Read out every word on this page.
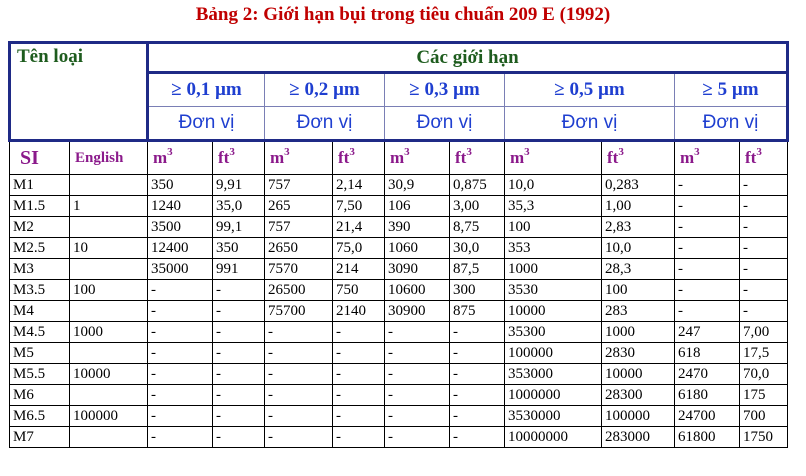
Bảng 2: Giới hạn bụi trong tiêu chuẩn 209 E (1992)
Tên loại		Các giới hạn									
		≥ 0,1 µm		≥ 0,2 µm		≥ 0,3 µm		≥ 0,5 µm		≥ 5 µm	
		Đơn vị		Đơn vị		Đơn vị		Đơn vị		Đơn vị	
SI	English	$m^3$	$ft^3$	$m^3$	$ft^3$	$m^3$	$ft^3$	$m^3$	$ft^3$	$m^3$	$ft^3$
M1		350	9,91	757	2,14	30,9	0,875	10,0	0,283	-	-
M1.5	1	1240	35,0	265	7,50	106	3,00	35,3	1,00	-	-
M2		3500	99,1	757	21,4	390	8,75	100	2,83	-	-
M2.5	10	12400	350	2650	75,0	1060	30,0	353	10,0	-	-
M3		35000	991	7570	214	3090	87,5	1000	28,3	-	-
M3.5	100	-	-	26500	750	10600	300	3530	100	-	-
M4		-	-	75700	2140	30900	875	10000	283	-	-
M4.5	1000	-	-	-	-	-	-	35300	1000	247	7,00
M5		-	-	-	-	-	-	100000	2830	618	17,5
M5.5	10000	-	-	-	-	-	-	353000	10000	2470	70,0
M6		-	-	-	-	-	-	1000000	28300	6180	175
M6.5	100000	-	-	-	-	-	-	3530000	100000	24700	700
M7		-	-	-	-	-	-	10000000	283000	61800	1750
